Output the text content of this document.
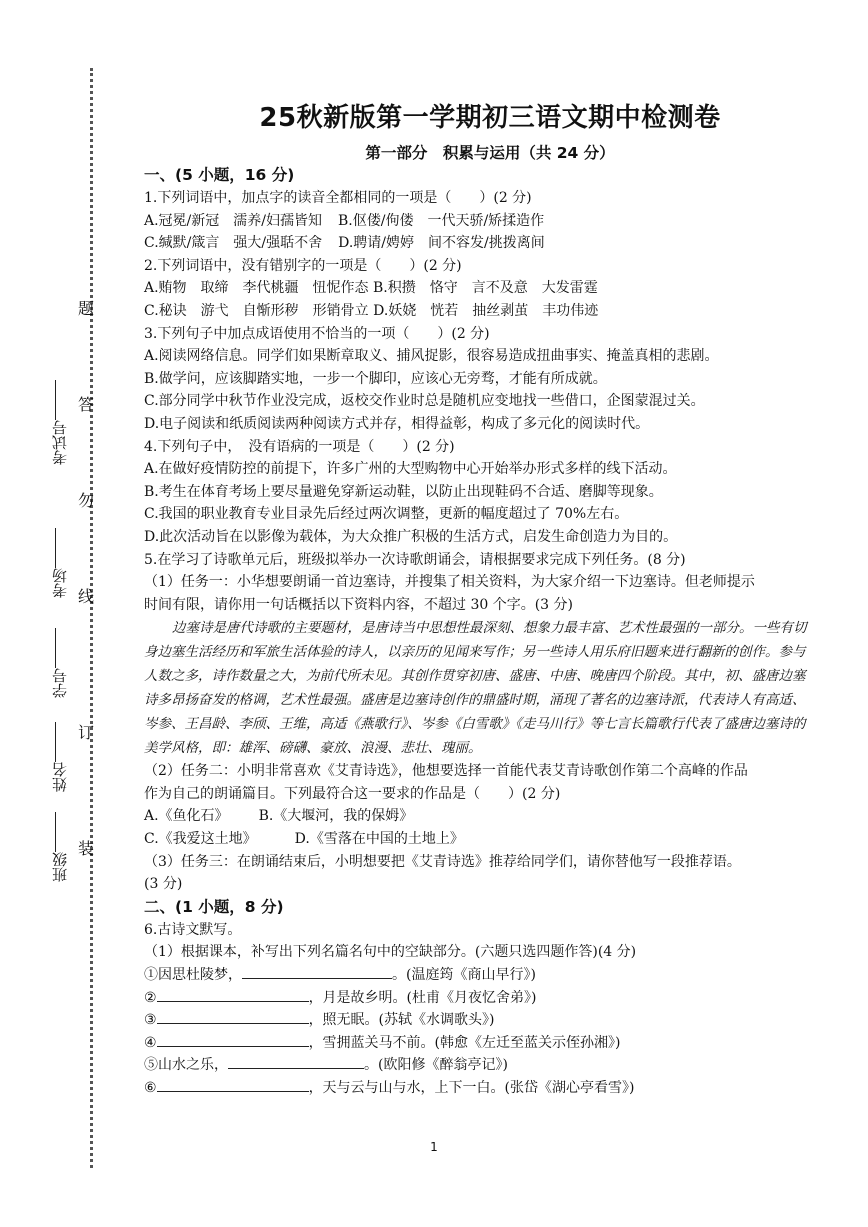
题
答
勿
线
订
装
考试号
考场
学号
姓名
班级
25秋新版第一学期初三语文期中检测卷
第一部分　积累与运用（共 24 分）
一、(5 小题，16 分)
1.下列词语中，加点字的读音全都相同的一项是（　　）(2 分)
A.冠冕/新冠　濡养/妇孺皆知 B.伛偻/佝偻　一代天骄/矫揉造作
C.缄默/箴言　强大/强聒不舍 D.聘请/娉婷　间不容发/挑拨离间
2.下列词语中，没有错别字的一项是（　　）(2 分)
A.贿物　取缔　李代桃疆　忸怩作态 B.积攒　恪守　言不及意　大发雷霆
C.秘诀　游弋　自惭形秽　形销骨立 D.妖娆　恍若　抽丝剥茧　丰功伟迹
3.下列句子中加点成语使用不恰当的一项（　　）(2 分)
A.阅读网络信息。同学们如果断章取义、捕风捉影，很容易造成扭曲事实、掩盖真相的悲剧。
B.做学问，应该脚踏实地，一步一个脚印，应该心无旁骛，才能有所成就。
C.部分同学中秋节作业没完成，返校交作业时总是随机应变地找一些借口，企图蒙混过关。
D.电子阅读和纸质阅读两种阅读方式并存，相得益彰，构成了多元化的阅读时代。
4.下列句子中，　没有语病的一项是（　　）(2 分)
A.在做好疫情防控的前提下，许多广州的大型购物中心开始举办形式多样的线下活动。
B.考生在体育考场上要尽量避免穿新运动鞋，以防止出现鞋码不合适、磨脚等现象。
C.我国的职业教育专业目录先后经过两次调整，更新的幅度超过了 70%左右。
D.此次活动旨在以影像为载体，为大众推广积极的生活方式，启发生命创造力为目的。
5.在学习了诗歌单元后，班级拟举办一次诗歌朗诵会，请根据要求完成下列任务。(8 分)
（1）任务一：小华想要朗诵一首边塞诗，并搜集了相关资料，为大家介绍一下边塞诗。但老师提示
时间有限，请你用一句话概括以下资料内容，不超过 30 个字。(3 分)

边塞诗是唐代诗歌的主要题材，是唐诗当中思想性最深刻、想象力最丰富、艺术性最强的一部分。一些有切身边塞生活经历和军旅生活体验的诗人，以亲历的见闻来写作；另一些诗人用乐府旧题来进行翻新的创作。参与人数之多，诗作数量之大，为前代所未见。其创作贯穿初唐、盛唐、中唐、晚唐四个阶段。其中，初、盛唐边塞诗多昂扬奋发的格调，艺术性最强。盛唐是边塞诗创作的鼎盛时期，涌现了著名的边塞诗派，代表诗人有高适、岑参、王昌龄、李颀、王维，高适《燕歌行》、岑参《白雪歌》《走马川行》等七言长篇歌行代表了盛唐边塞诗的美学风格，即：雄浑、磅礴、豪放、浪漫、悲壮、瑰丽。

（2）任务二：小明非常喜欢《艾青诗选》，他想要选择一首能代表艾青诗歌创作第二个高峰的作品
作为自己的朗诵篇目。下列最符合这一要求的作品是（　　）(2 分)
A.《鱼化石》 B.《大堰河，我的保姆》
C.《我爱这土地》	D.《雪落在中国的土地上》
（3）任务三：在朗诵结束后，小明想要把《艾青诗选》推荐给同学们，请你替他写一段推荐语。
(3 分)
二、(1 小题，8 分)
6.古诗文默写。
（1）根据课本，补写出下列名篇名句中的空缺部分。(六题只选四题作答)(4 分)
①因思杜陵梦，	。(温庭筠《商山早行》)
②	，月是故乡明。(杜甫《月夜忆舍弟》)
③	，照无眠。(苏轼《水调歌头》)
④	，雪拥蓝关马不前。(韩愈《左迁至蓝关示侄孙湘》)
⑤山水之乐，	。(欧阳修《醉翁亭记》)
⑥	，天与云与山与水，上下一白。(张岱《湖心亭看雪》)
1
